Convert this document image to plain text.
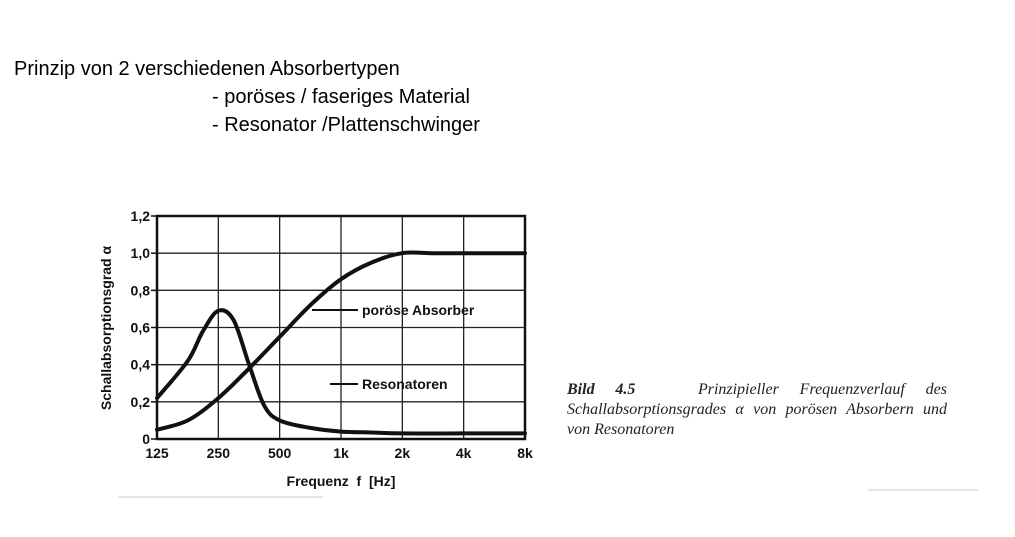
Prinzip von 2 verschiedenen Absorbertypen
- poröses / faseriges Material
- Resonator /Plattenschwinger
125	250	500	1k	2k	4k	8k
0
0,2
0,4
0,6
0,8
1,0
1,2
poröse Absorber
Resonatoren
Frequenz  f  [Hz]
Schallabsorptionsgrad α	Bild 4.5	Prinzipieller Frequenzverlauf des Schallabsorptionsgrades α von porösen Absorbern und von Resonatoren
